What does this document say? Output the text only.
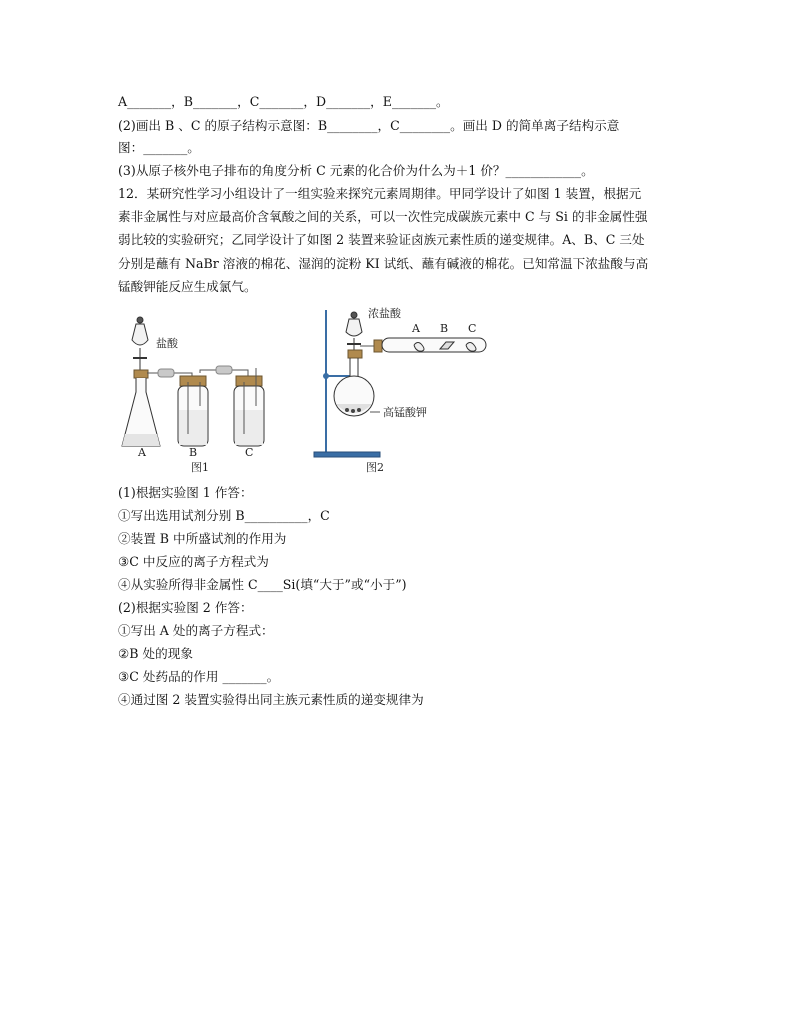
A_______，B_______，C_______，D_______，E_______。
(2)画出 B 、C 的原子结构示意图：B________，C________。画出 D 的简单离子结构示意
图：_______。
(3)从原子核外电子排布的角度分析 C 元素的化合价为什么为＋1 价？____________。
12．某研究性学习小组设计了一组实验来探究元素周期律。甲同学设计了如图 1 装置，根据元
素非金属性与对应最高价含氧酸之间的关系，可以一次性完成碳族元素中 C 与 Si 的非金属性强
弱比较的实验研究；乙同学设计了如图 2 装置来验证卤族元素性质的递变规律。A、B、C 三处
分别是蘸有 NaBr 溶液的棉花、湿润的淀粉 KI 试纸、蘸有碱液的棉花。已知常温下浓盐酸与高
锰酸钾能反应生成氯气。
盐酸
A	B	C
图1
浓盐酸
A B C
高锰酸钾
图2
(1)根据实验图 1 作答：
①写出选用试剂分别 B__________，C
②装置 B 中所盛试剂的作用为
③C 中反应的离子方程式为
④从实验所得非金属性 C____Si(填“大于”或“小于”)
(2)根据实验图 2 作答：
①写出 A 处的离子方程式：
②B 处的现象
③C 处药品的作用 _______。
④通过图 2 装置实验得出同主族元素性质的递变规律为
